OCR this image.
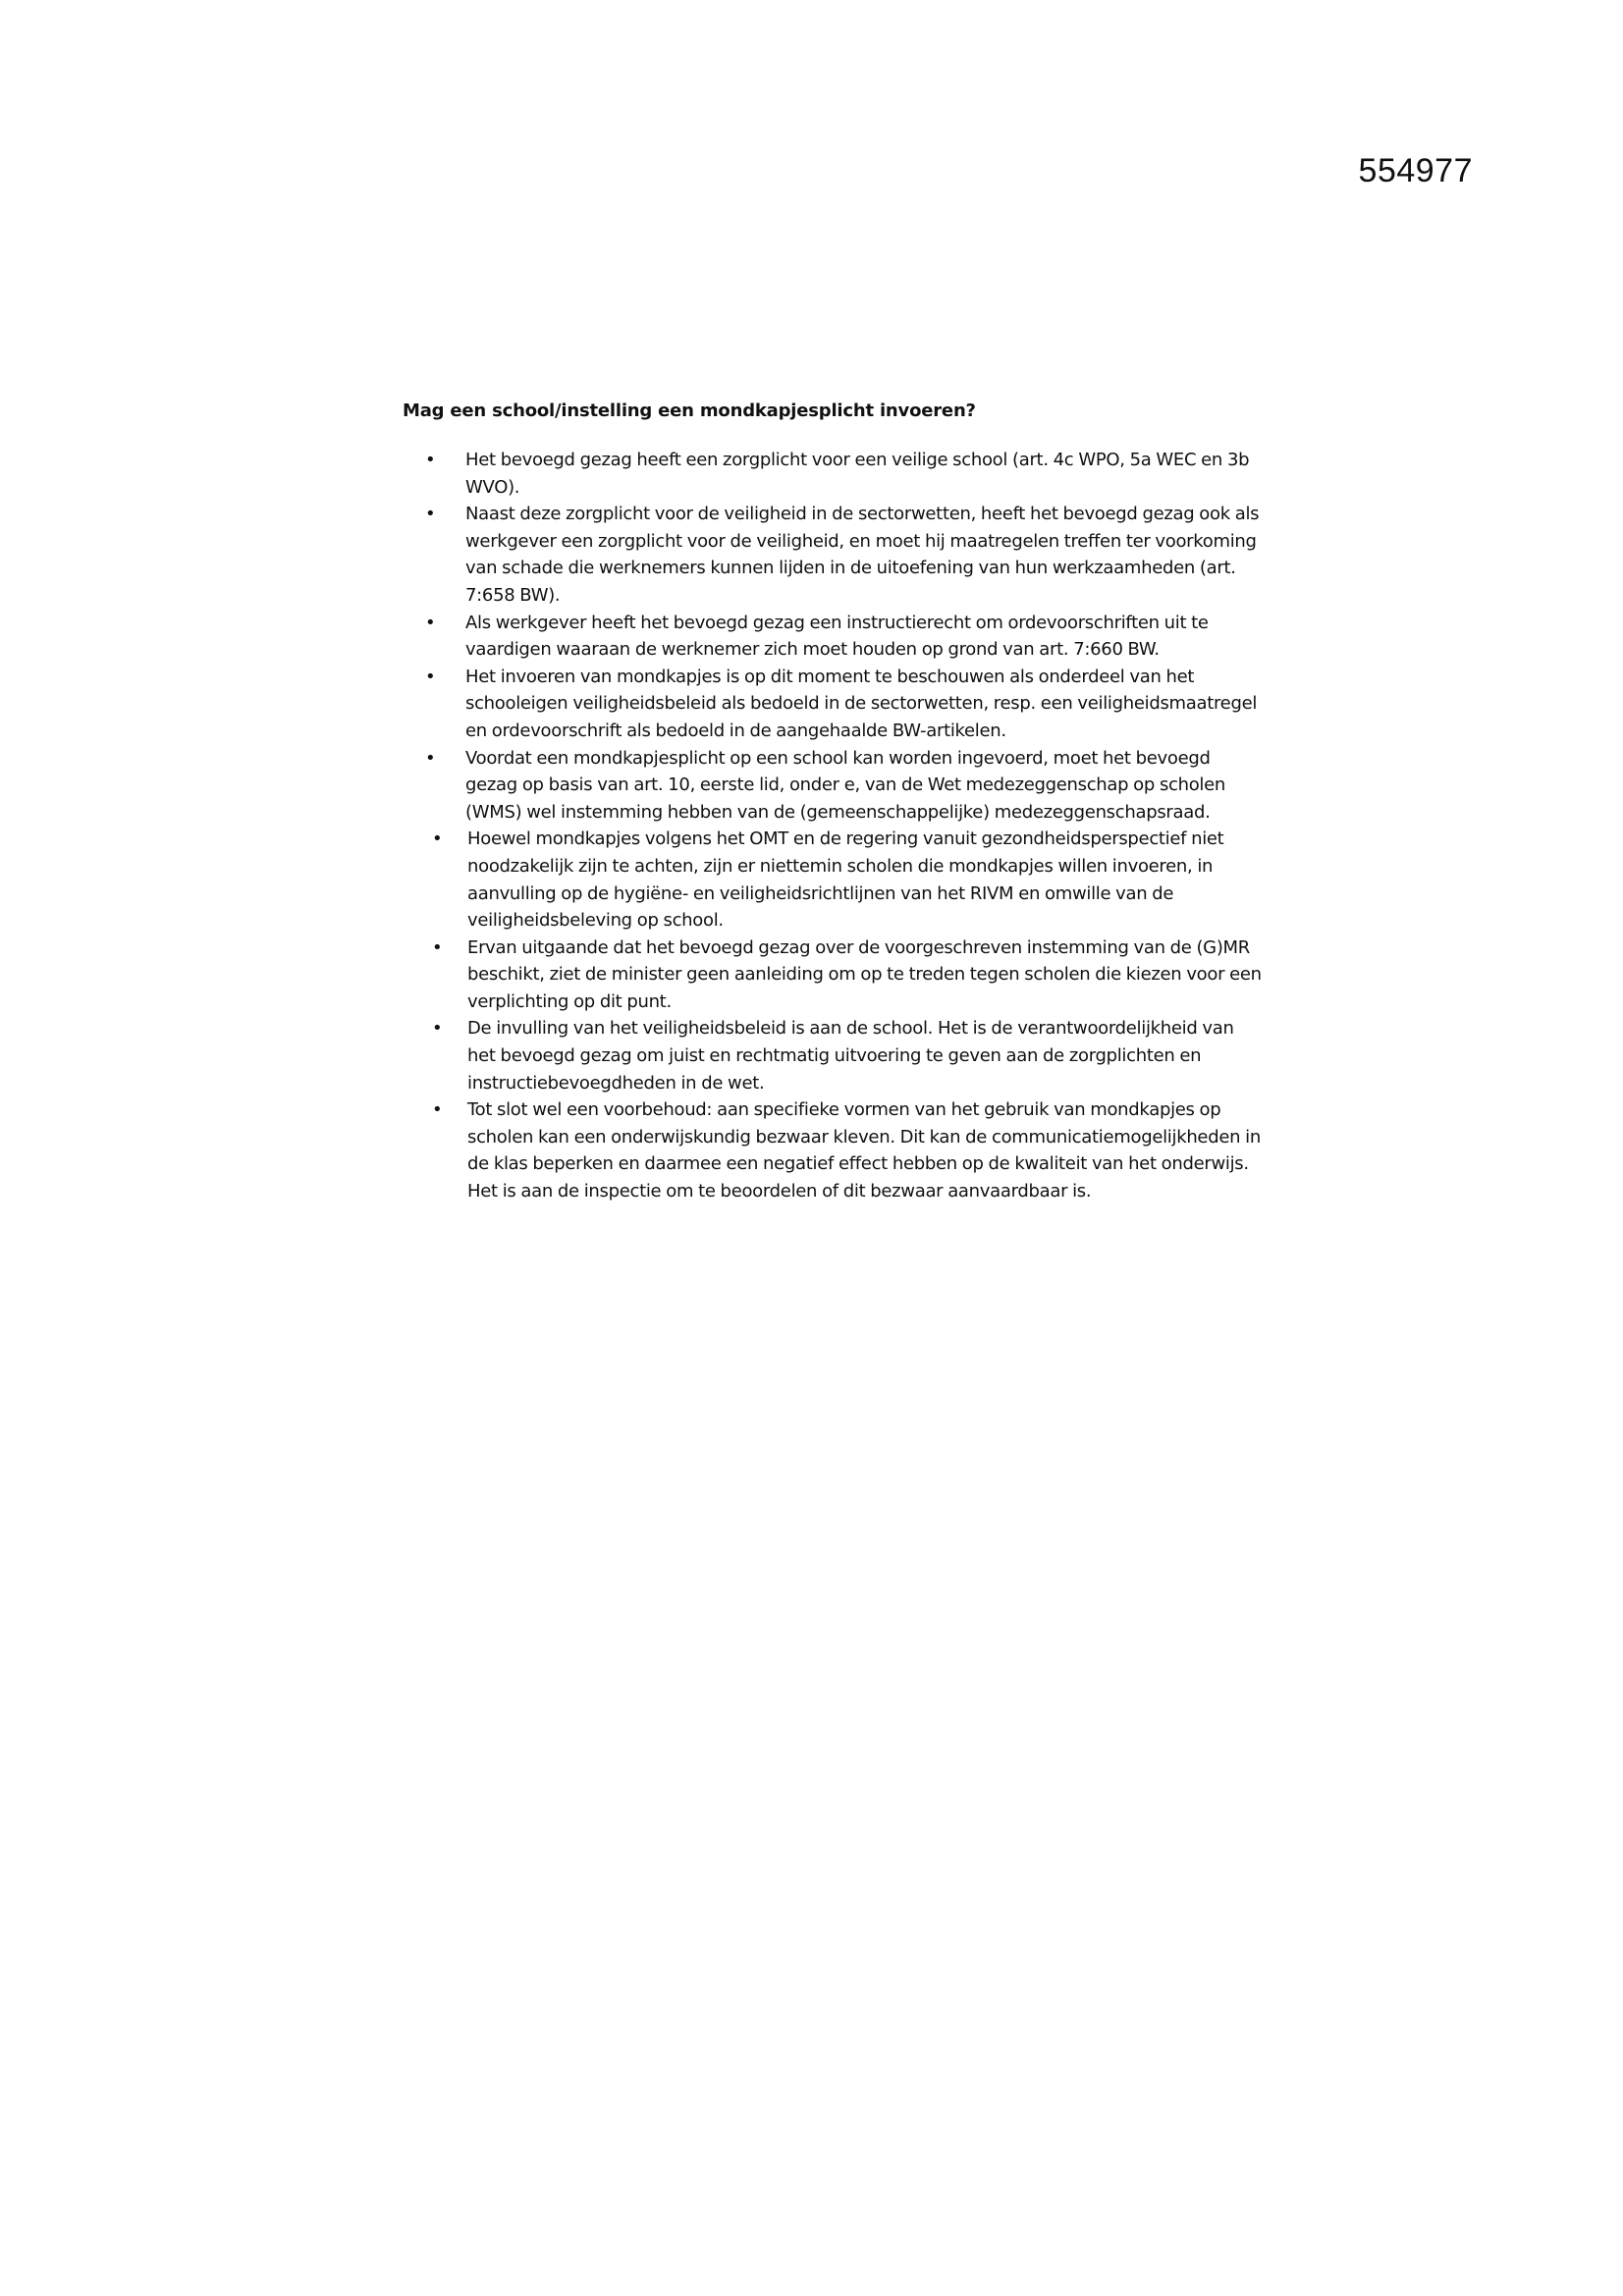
554977
Mag een school/instelling een mondkapjesplicht invoeren?
• Het bevoegd gezag heeft een zorgplicht voor een veilige school (art. 4c WPO, 5a WEC en 3b WVO).
• Naast deze zorgplicht voor de veiligheid in de sectorwetten, heeft het bevoegd gezag ook als werkgever een zorgplicht voor de veiligheid, en moet hij maatregelen treffen ter voorkoming van schade die werknemers kunnen lijden in de uitoefening van hun werkzaamheden (art. 7:658 BW).
• Als werkgever heeft het bevoegd gezag een instructierecht om ordevoorschriften uit te vaardigen waaraan de werknemer zich moet houden op grond van art. 7:660 BW.
• Het invoeren van mondkapjes is op dit moment te beschouwen als onderdeel van het schooleigen veiligheidsbeleid als bedoeld in de sectorwetten, resp. een veiligheidsmaatregel en ordevoorschrift als bedoeld in de aangehaalde BW-artikelen.
• Voordat een mondkapjesplicht op een school kan worden ingevoerd, moet het bevoegd gezag op basis van art. 10, eerste lid, onder e, van de Wet medezeggenschap op scholen (WMS) wel instemming hebben van de (gemeenschappelijke) medezeggenschapsraad.
• Hoewel mondkapjes volgens het OMT en de regering vanuit gezondheidsperspectief niet noodzakelijk zijn te achten, zijn er niettemin scholen die mondkapjes willen invoeren, in aanvulling op de hygiëne- en veiligheidsrichtlijnen van het RIVM en omwille van de veiligheidsbeleving op school.
• Ervan uitgaande dat het bevoegd gezag over de voorgeschreven instemming van de (G)MR beschikt, ziet de minister geen aanleiding om op te treden tegen scholen die kiezen voor een verplichting op dit punt.
• De invulling van het veiligheidsbeleid is aan de school. Het is de verantwoordelijkheid van het bevoegd gezag om juist en rechtmatig uitvoering te geven aan de zorgplichten en instructiebevoegdheden in de wet.
• Tot slot wel een voorbehoud: aan specifieke vormen van het gebruik van mondkapjes op scholen kan een onderwijskundig bezwaar kleven. Dit kan de communicatiemogelijkheden in de klas beperken en daarmee een negatief effect hebben op de kwaliteit van het onderwijs. Het is aan de inspectie om te beoordelen of dit bezwaar aanvaardbaar is.
